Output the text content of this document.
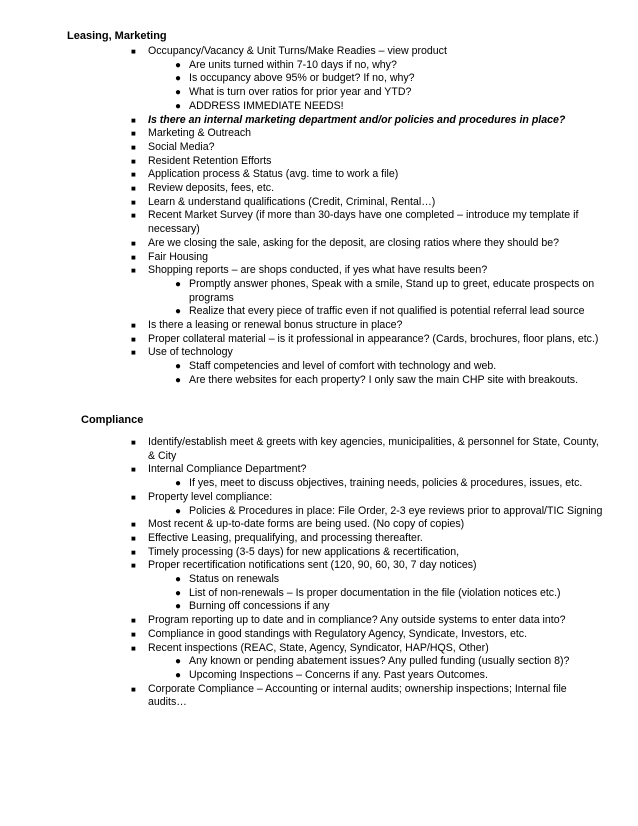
Leasing, Marketing
■ Occupancy/Vacancy & Unit Turns/Make Readies – view product
● Are units turned within 7-10 days if no, why?
● Is occupancy above 95% or budget? If no, why?
● What is turn over ratios for prior year and YTD?
● ADDRESS IMMEDIATE NEEDS!
■ Is there an internal marketing department and/or policies and procedures in place?
■ Marketing & Outreach
■ Social Media?
■ Resident Retention Efforts
■ Application process & Status (avg. time to work a file)
■ Review deposits, fees, etc.
■ Learn & understand qualifications (Credit, Criminal, Rental…)
■ Recent Market Survey (if more than 30-days have one completed – introduce my template if necessary)
■ Are we closing the sale, asking for the deposit, are closing ratios where they should be?
■ Fair Housing
■ Shopping reports – are shops conducted, if yes what have results been?
● Promptly answer phones, Speak with a smile, Stand up to greet, educate prospects on programs
● Realize that every piece of traffic even if not qualified is potential referral lead source
■ Is there a leasing or renewal bonus structure in place?
■ Proper collateral material – is it professional in appearance? (Cards, brochures, floor plans, etc.)
■ Use of technology
● Staff competencies and level of comfort with technology and web.
● Are there websites for each property? I only saw the main CHP site with breakouts.
Compliance
■ Identify/establish meet & greets with key agencies, municipalities, & personnel for State, County, & City
■ Internal Compliance Department?
● If yes, meet to discuss objectives, training needs, policies & procedures, issues, etc.
■ Property level compliance:
● Policies & Procedures in place: File Order, 2-3 eye reviews prior to approval/TIC Signing
■ Most recent & up-to-date forms are being used. (No copy of copies)
■ Effective Leasing, prequalifying, and processing thereafter.
■ Timely processing (3-5 days) for new applications & recertification,
■ Proper recertification notifications sent (120, 90, 60, 30, 7 day notices)
● Status on renewals
● List of non-renewals – Is proper documentation in the file (violation notices etc.)
● Burning off concessions if any
■ Program reporting up to date and in compliance? Any outside systems to enter data into?
■ Compliance in good standings with Regulatory Agency, Syndicate, Investors, etc.
■ Recent inspections (REAC, State, Agency, Syndicator, HAP/HQS, Other)
● Any known or pending abatement issues? Any pulled funding (usually section 8)?
● Upcoming Inspections – Concerns if any. Past years Outcomes.
■ Corporate Compliance – Accounting or internal audits; ownership inspections; Internal file audits…
